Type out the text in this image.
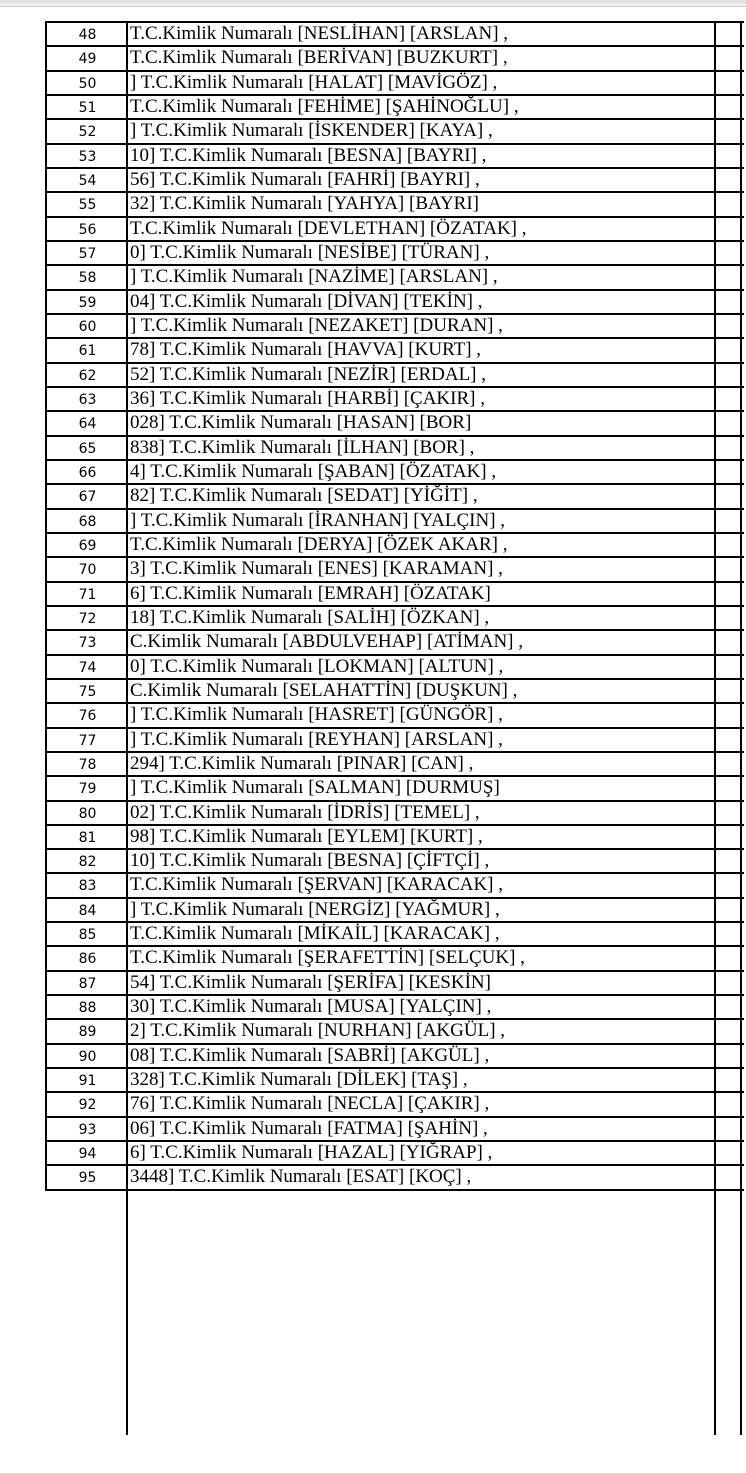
48	T.C.Kimlik Numaralı [NESLİHAN] [ARSLAN] ,
49	T.C.Kimlik Numaralı [BERİVAN] [BUZKURT] ,
50	] T.C.Kimlik Numaralı [HALAT] [MAVİGÖZ] ,
51	T.C.Kimlik Numaralı [FEHİME] [ŞAHİNOĞLU] ,
52	] T.C.Kimlik Numaralı [İSKENDER] [KAYA] ,
53	10] T.C.Kimlik Numaralı [BESNA] [BAYRI] ,
54	56] T.C.Kimlik Numaralı [FAHRİ] [BAYRI] ,
55	32] T.C.Kimlik Numaralı [YAHYA] [BAYRI]
56	T.C.Kimlik Numaralı [DEVLETHAN] [ÖZATAK] ,
57	0] T.C.Kimlik Numaralı [NESİBE] [TÜRAN] ,
58	] T.C.Kimlik Numaralı [NAZİME] [ARSLAN] ,
59	04] T.C.Kimlik Numaralı [DİVAN] [TEKİN] ,
60	] T.C.Kimlik Numaralı [NEZAKET] [DURAN] ,
61	78] T.C.Kimlik Numaralı [HAVVA] [KURT] ,
62	52] T.C.Kimlik Numaralı [NEZİR] [ERDAL] ,
63	36] T.C.Kimlik Numaralı [HARBİ] [ÇAKIR] ,
64	028] T.C.Kimlik Numaralı [HASAN] [BOR]
65	838] T.C.Kimlik Numaralı [İLHAN] [BOR] ,
66	4] T.C.Kimlik Numaralı [ŞABAN] [ÖZATAK] ,
67	82] T.C.Kimlik Numaralı [SEDAT] [YİĞİT] ,
68	] T.C.Kimlik Numaralı [İRANHAN] [YALÇIN] ,
69	T.C.Kimlik Numaralı [DERYA] [ÖZEK AKAR] ,
70	3] T.C.Kimlik Numaralı [ENES] [KARAMAN] ,
71	6] T.C.Kimlik Numaralı [EMRAH] [ÖZATAK]
72	18] T.C.Kimlik Numaralı [SALİH] [ÖZKAN] ,
73	C.Kimlik Numaralı [ABDULVEHAP] [ATİMAN] ,
74	0] T.C.Kimlik Numaralı [LOKMAN] [ALTUN] ,
75	C.Kimlik Numaralı [SELAHATTİN] [DUŞKUN] ,
76	] T.C.Kimlik Numaralı [HASRET] [GÜNGÖR] ,
77	] T.C.Kimlik Numaralı [REYHAN] [ARSLAN] ,
78	294] T.C.Kimlik Numaralı [PINAR] [CAN] ,
79	] T.C.Kimlik Numaralı [SALMAN] [DURMUŞ]
80	02] T.C.Kimlik Numaralı [İDRİS] [TEMEL] ,
81	98] T.C.Kimlik Numaralı [EYLEM] [KURT] ,
82	10] T.C.Kimlik Numaralı [BESNA] [ÇİFTÇİ] ,
83	T.C.Kimlik Numaralı [ŞERVAN] [KARACAK] ,
84	] T.C.Kimlik Numaralı [NERGİZ] [YAĞMUR] ,
85	T.C.Kimlik Numaralı [MİKAİL] [KARACAK] ,
86	T.C.Kimlik Numaralı [ŞERAFETTİN] [SELÇUK] ,
87	54] T.C.Kimlik Numaralı [ŞERİFA] [KESKİN]
88	30] T.C.Kimlik Numaralı [MUSA] [YALÇIN] ,
89	2] T.C.Kimlik Numaralı [NURHAN] [AKGÜL] ,
90	08] T.C.Kimlik Numaralı [SABRİ] [AKGÜL] ,
91	328] T.C.Kimlik Numaralı [DİLEK] [TAŞ] ,
92	76] T.C.Kimlik Numaralı [NECLA] [ÇAKIR] ,
93	06] T.C.Kimlik Numaralı [FATMA] [ŞAHİN] ,
94	6] T.C.Kimlik Numaralı [HAZAL] [YIĞRAP] ,
95	3448] T.C.Kimlik Numaralı [ESAT] [KOÇ] ,
